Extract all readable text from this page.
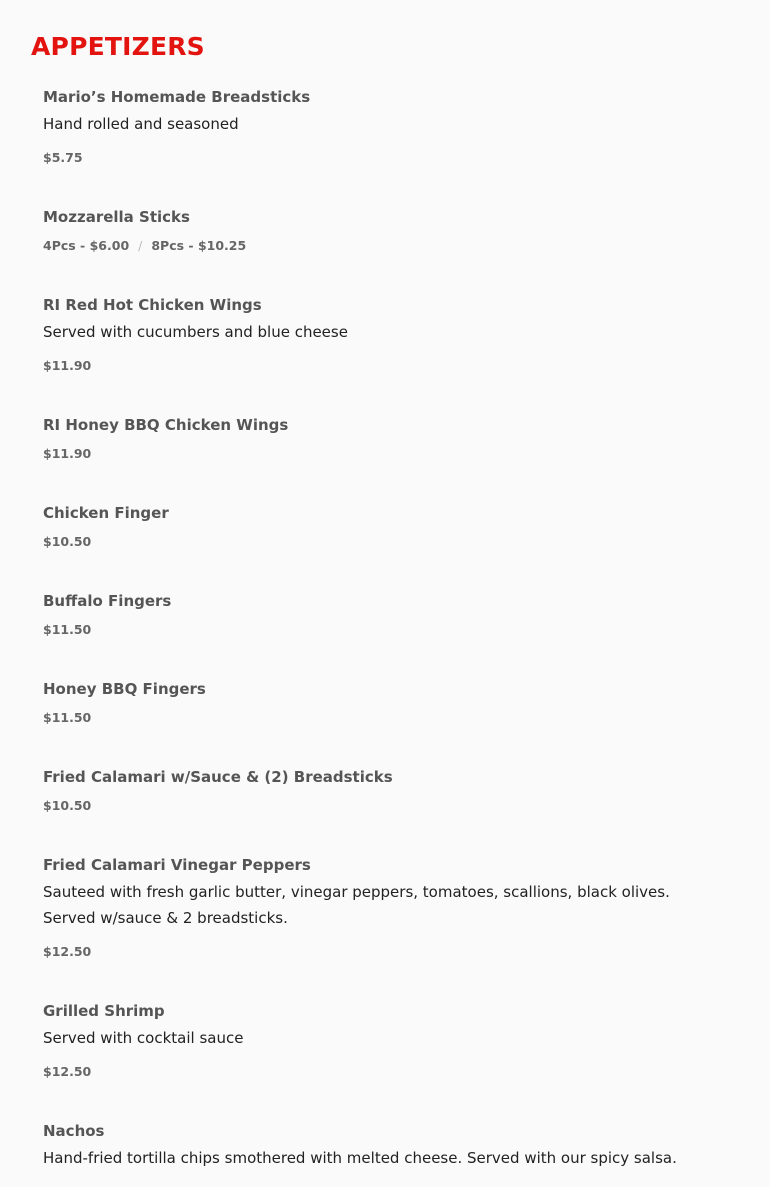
APPETIZERS
Mario’s Homemade Breadsticks
Hand rolled and seasoned
$5.75
Mozzarella Sticks
4Pcs - $6.00 / 8Pcs - $10.25
RI Red Hot Chicken Wings
Served with cucumbers and blue cheese
$11.90
RI Honey BBQ Chicken Wings
$11.90
Chicken Finger
$10.50
Buffalo Fingers
$11.50
Honey BBQ Fingers
$11.50
Fried Calamari w/Sauce & (2) Breadsticks
$10.50
Fried Calamari Vinegar Peppers
Sauteed with fresh garlic butter, vinegar peppers, tomatoes, scallions, black olives. Served w/sauce & 2 breadsticks.
$12.50
Grilled Shrimp
Served with cocktail sauce
$12.50
Nachos
Hand-fried tortilla chips smothered with melted cheese. Served with our spicy salsa.
